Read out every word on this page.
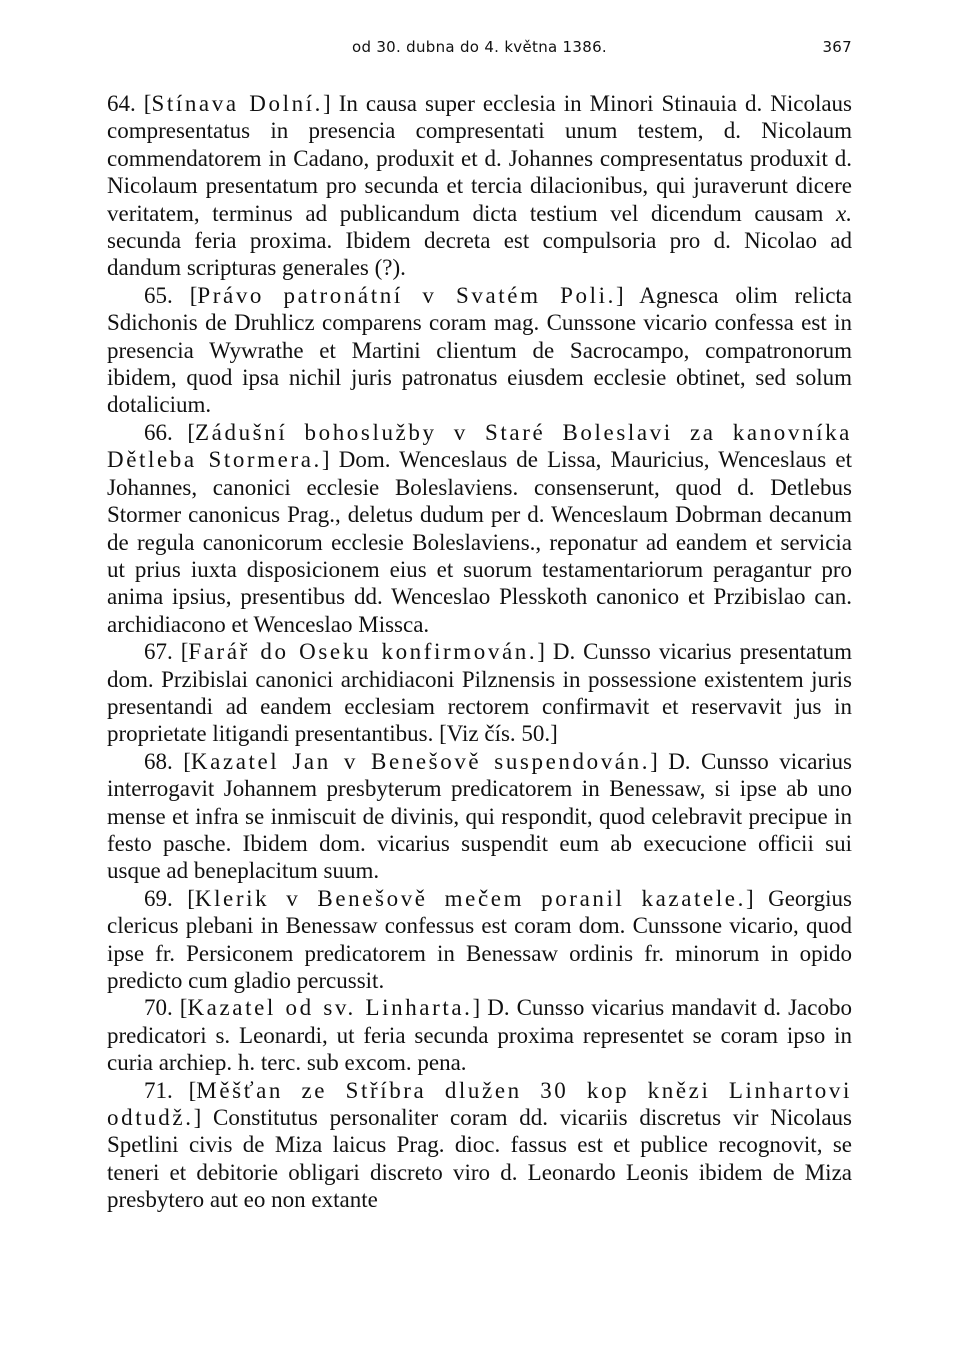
od 30. dubna do 4. května 1386.	367

64. [Stínava Dolní.] In causa super ecclesia in Minori Stinauia d. Nicolaus compresentatus in presencia compresentati unum testem, d. Nicolaum commendatorem in Cadano, produxit et d. Johannes compresentatus produxit d. Nicolaum presentatum pro secunda et tercia dilacionibus, qui juraverunt dicere veritatem, terminus ad publicandum dicta testium vel dicendum causam x. secunda feria proxima. Ibidem decreta est compulsoria pro d. Nicolao ad dandum scripturas generales (?).

65. [Právo patronátní v Svatém Poli.] Agnesca olim relicta Sdichonis de Druhlicz comparens coram mag. Cunssone vicario confessa est in presencia Wywrathe et Martini clientum de Sacrocampo, compatronorum ibidem, quod ipsa nichil juris patronatus eiusdem ecclesie obtinet, sed solum dotalicium.

66. [Zádušní bohoslužby v Staré Boleslavi za kanovníka Dětleba Stormera.] Dom. Wenceslaus de Lissa, Mauricius, Wenceslaus et Johannes, canonici ecclesie Boleslaviens. consenserunt, quod d. Detlebus Stormer canonicus Prag., deletus dudum per d. Wenceslaum Dobrman decanum de regula canonicorum ecclesie Boleslaviens., reponatur ad eandem et servicia ut prius iuxta disposicionem eius et suorum testamentariorum peragantur pro anima ipsius, presentibus dd. Wenceslao Plesskoth canonico et Przibislao can. archidiacono et Wenceslao Missca.

67. [Farář do Oseku konfirmován.] D. Cunsso vicarius presentatum dom. Przibislai canonici archidiaconi Pilznensis in possessione existentem juris presentandi ad eandem ecclesiam rectorem confirmavit et reservavit jus in proprietate litigandi presentantibus. [Viz čís. 50.]

68. [Kazatel Jan v Benešově suspendován.] D. Cunsso vicarius interrogavit Johannem presbyterum predicatorem in Benessaw, si ipse ab uno mense et infra se inmiscuit de divinis, qui respondit, quod celebravit precipue in festo pasche. Ibidem dom. vicarius suspendit eum ab execucione officii sui usque ad beneplacitum suum.

69. [Klerik v Benešově mečem poranil kazatele.] Georgius clericus plebani in Benessaw confessus est coram dom. Cunssone vicario, quod ipse fr. Persiconem predicatorem in Benessaw ordinis fr. minorum in opido predicto cum gladio percussit.

70. [Kazatel od sv. Linharta.] D. Cunsso vicarius mandavit d. Jacobo predicatori s. Leonardi, ut feria secunda proxima representet se coram ipso in curia archiep. h. terc. sub excom. pena.

71. [Měšťan ze Stříbra dlužen 30 kop knězi Linhartovi odtudž.] Constitutus personaliter coram dd. vicariis discretus vir Nicolaus Spetlini civis de Miza laicus Prag. dioc. fassus est et publice recognovit, se teneri et debitorie obligari discreto viro d. Leonardo Leonis ibidem de Miza presbytero aut eo non extante
